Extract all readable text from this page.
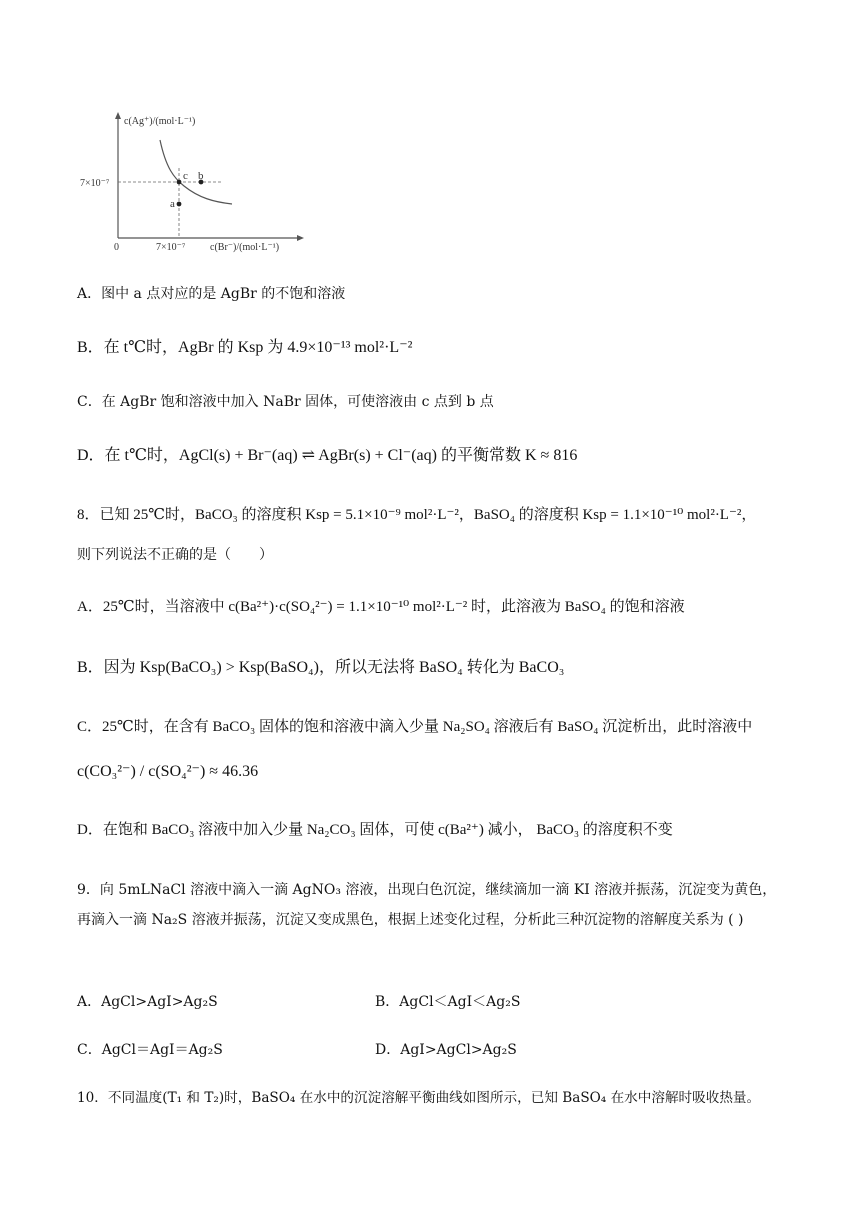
c(Ag⁺)/(mol·L⁻¹)
c(Br⁻)/(mol·L⁻¹)
0
7×10⁻⁷
7×10⁻⁷
c b
a
A．图中 a 点对应的是 AgBr 的不饱和溶液
B．在 t℃时，AgBr 的 Ksp 为 4.9×10⁻¹³ mol²·L⁻²
C．在 AgBr 饱和溶液中加入 NaBr 固体，可使溶液由 c 点到 b 点
D．在 t℃时，AgCl(s) + Br⁻(aq) ⇌ AgBr(s) + Cl⁻(aq) 的平衡常数 K ≈ 816
8．已知 25℃时，BaCO₃ 的溶度积 Ksp = 5.1×10⁻⁹ mol²·L⁻²，BaSO₄ 的溶度积 Ksp = 1.1×10⁻¹⁰ mol²·L⁻²，
则下列说法不正确的是（　　）
A．25℃时，当溶液中 c(Ba²⁺)·c(SO₄²⁻) = 1.1×10⁻¹⁰ mol²·L⁻² 时，此溶液为 BaSO₄ 的饱和溶液
B．因为 Ksp(BaCO₃) > Ksp(BaSO₄)，所以无法将 BaSO₄ 转化为 BaCO₃
C．25℃时，在含有 BaCO₃ 固体的饱和溶液中滴入少量 Na₂SO₄ 溶液后有 BaSO₄ 沉淀析出，此时溶液中
c(CO₃²⁻) / c(SO₄²⁻) ≈ 46.36
D．在饱和 BaCO₃ 溶液中加入少量 Na₂CO₃ 固体，可使 c(Ba²⁺) 减小， BaCO₃ 的溶度积不变
9．向 5mLNaCl 溶液中滴入一滴 AgNO₃ 溶液，出现白色沉淀，继续滴加一滴 KI 溶液并振荡，沉淀变为黄色，再滴入一滴 Na₂S 溶液并振荡，沉淀又变成黑色，根据上述变化过程，分析此三种沉淀物的溶解度关系为 ( )
A．AgCl>AgI>Ag₂S	B．AgCl＜AgI＜Ag₂S
C．AgCl＝AgI＝Ag₂S	D．AgI>AgCl>Ag₂S
10．不同温度(T₁ 和 T₂)时，BaSO₄ 在水中的沉淀溶解平衡曲线如图所示，已知 BaSO₄ 在水中溶解时吸收热量。
